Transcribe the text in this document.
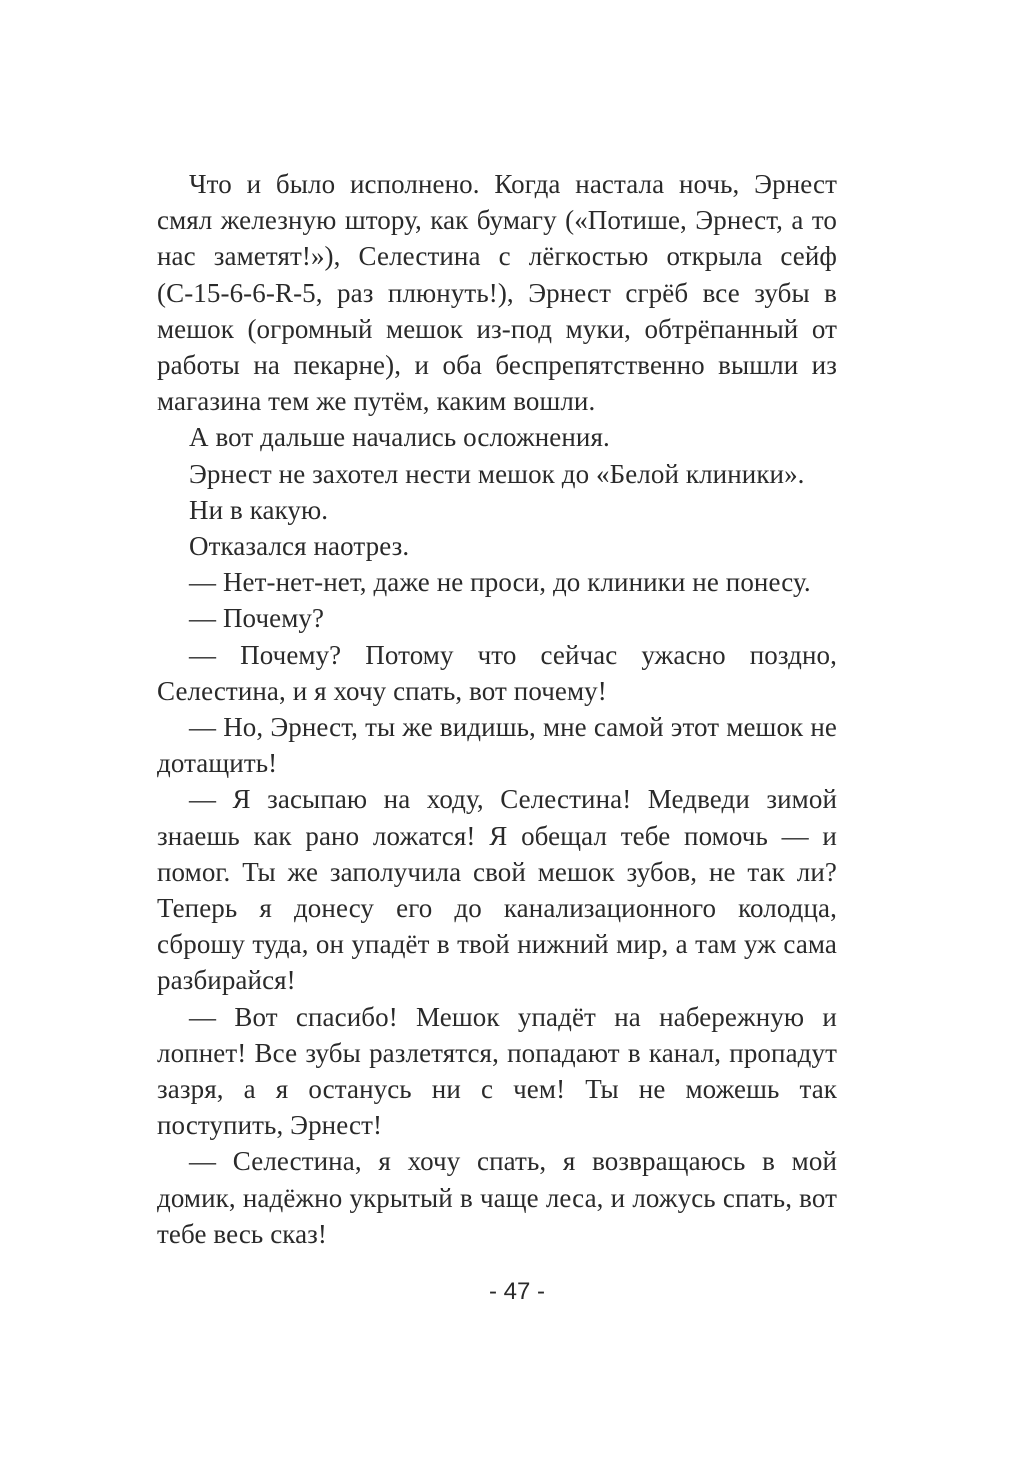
Что и было исполнено. Когда настала ночь, Эрнест смял железную штору, как бумагу («Потише, Эрнест, а то нас заметят!»), Селестина с лёгкостью открыла сейф (С-15-6-6-R-5, раз плюнуть!), Эрнест сгрёб все зубы в мешок (огромный мешок из-под муки, обтрёпанный от работы на пекарне), и оба беспрепятственно вышли из магазина тем же путём, каким вошли.

А вот дальше начались осложнения.

Эрнест не захотел нести мешок до «Белой клиники».

Ни в какую.

Отказался наотрез.

— Нет-нет-нет, даже не проси, до клиники не понесу.

— Почему?

— Почему? Потому что сейчас ужасно поздно, Селестина, и я хочу спать, вот почему!

— Но, Эрнест, ты же видишь, мне самой этот мешок не дотащить!

— Я засыпаю на ходу, Селестина! Медведи зимой знаешь как рано ложатся! Я обещал тебе помочь — и помог. Ты же заполучила свой мешок зубов, не так ли? Теперь я донесу его до канализационного колодца, сброшу туда, он упадёт в твой нижний мир, а там уж сама разбирайся!

— Вот спасибо! Мешок упадёт на набережную и лопнет! Все зубы разлетятся, попадают в канал, пропадут зазря, а я останусь ни с чем! Ты не можешь так поступить, Эрнест!

— Селестина, я хочу спать, я возвращаюсь в мой домик, надёжно укрытый в чаще леса, и ложусь спать, вот тебе весь сказ!

- 47 -
